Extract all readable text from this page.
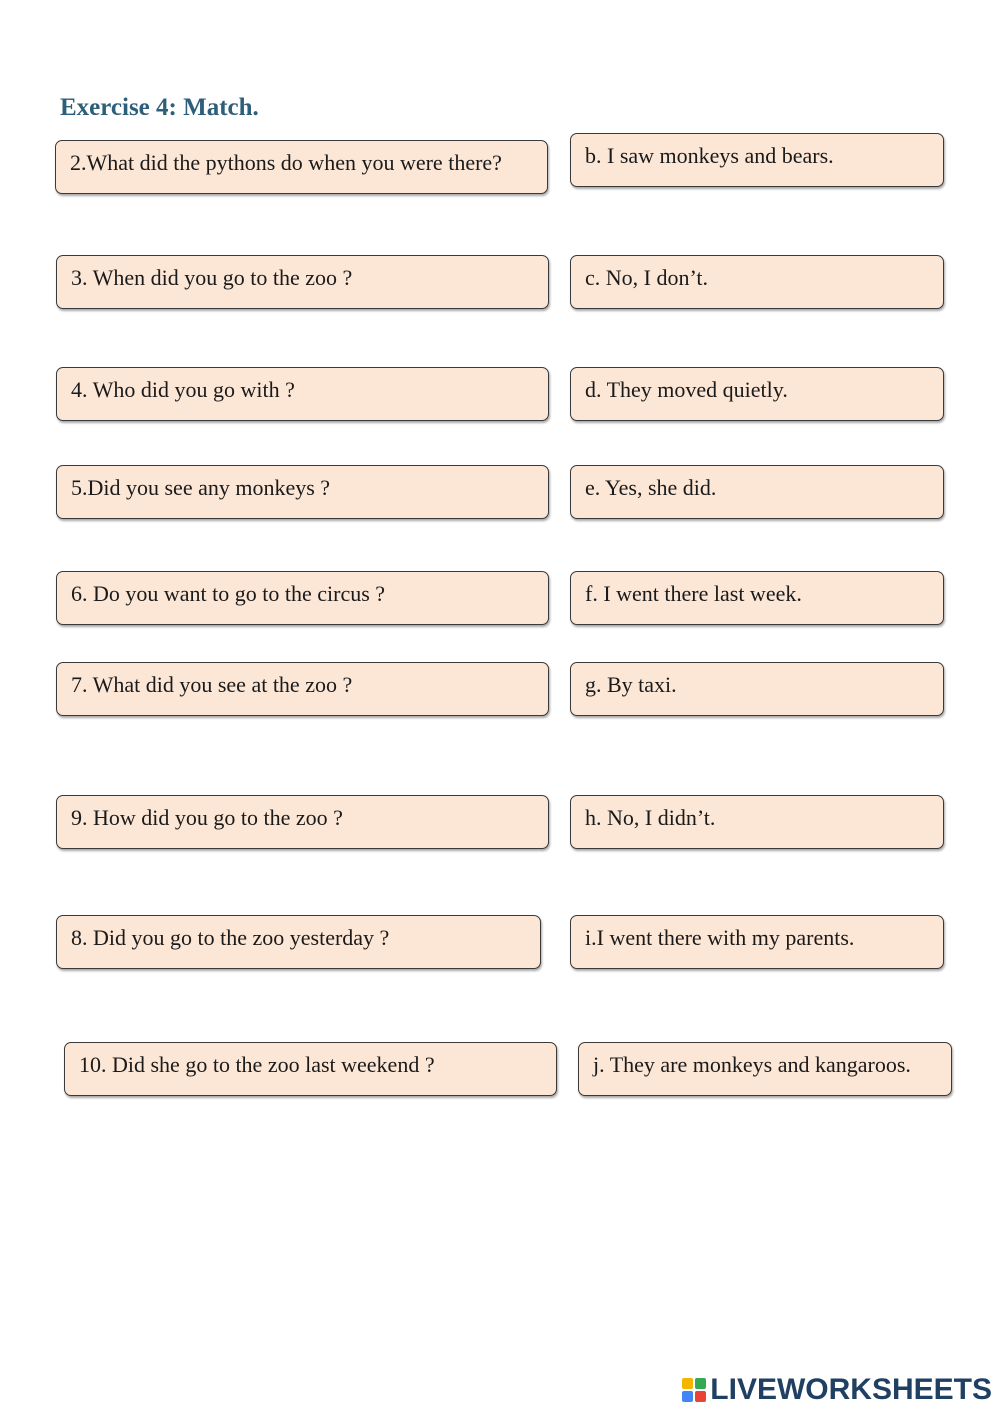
Exercise 4: Match.
2.What did the pythons do when you were there?
3. When did you go to the zoo ?
4. Who did you go with ?
5.Did you see any monkeys ?
6. Do you want to go to the circus ?
7. What did you see at the zoo ?
9. How did you go to the zoo ?
8. Did you go to the zoo yesterday ?
10. Did she go to the zoo last weekend ?
b. I saw monkeys and bears.
c. No, I don’t.
d. They moved quietly.
e. Yes, she did.
f. I went there last week.
g. By taxi.
h. No, I didn’t.
i.I went there with my parents.
j. They are monkeys and kangaroos.
LIVEWORKSHEETS
